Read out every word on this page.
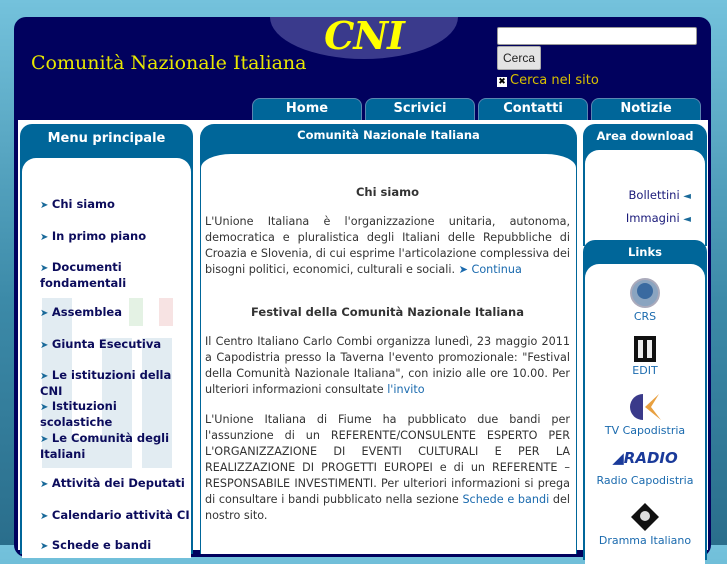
CNI
Comunità Nazionale Italiana	Cerca
✖ Cerca nel sito
Home	Scrivici	Contatti	Notizie
Menu principale
➤ Chi siamo
➤ In primo piano
➤ Documenti fondamentali
➤ Assemblea
➤ Giunta Esecutiva
➤ Le istituzioni della CNI
➤ Istituzioni scolastiche
➤ Le Comunità degli Italiani
➤ Attività dei Deputati
➤ Calendario attività CI
➤ Schede e bandi
Comunità Nazionale Italiana
Chi siamo
L'Unione Italiana è l'organizzazione unitaria, autonoma, democratica e pluralistica degli Italiani delle Repubbliche di Croazia e Slovenia, di cui esprime l'articolazione complessiva dei bisogni politici, economici, culturali e sociali. ➤ Continua
Festival della Comunità Nazionale Italiana
Il Centro Italiano Carlo Combi organizza lunedì, 23 maggio 2011 a Capodistria presso la Taverna l'evento promozionale: "Festival della Comunità Nazionale Italiana", con inizio alle ore 10.00. Per ulteriori informazioni consultate l'invito
L'Unione Italiana di Fiume ha pubblicato due bandi per l'assunzione di un REFERENTE/CONSULENTE ESPERTO PER L'ORGANIZZAZIONE DI EVENTI CULTURALI E PER LA REALIZZAZIONE DI PROGETTI EUROPEI e di un REFERENTE – RESPONSABILE INVESTIMENTI. Per ulteriori informazioni si prega di consultare i bandi pubblicato nella sezione Schede e bandi del nostro sito.
Area download
Bollettini ◄
Immagini ◄
Links
CRS
EDIT
TV Capodistria
◢RADIO
Radio Capodistria
Dramma Italiano
